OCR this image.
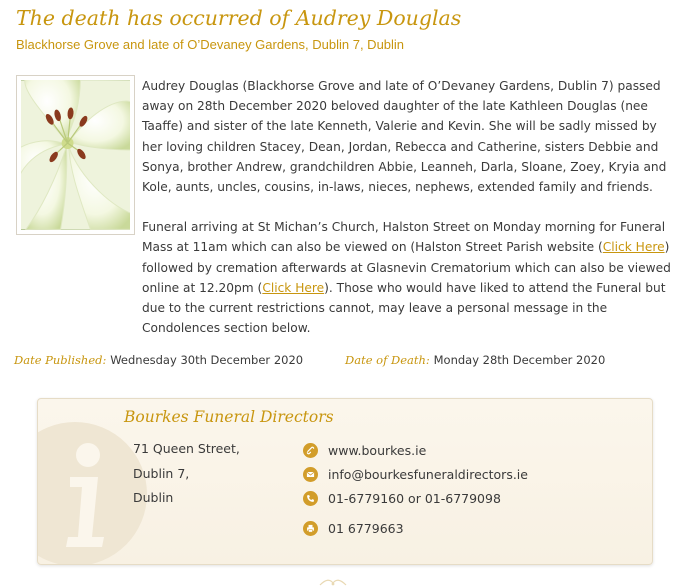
The death has occurred of Audrey Douglas
Blackhorse Grove and late of O’Devaney Gardens, Dublin 7, Dublin

Audrey Douglas (Blackhorse Grove and late of O’Devaney Gardens, Dublin 7) passed away on 28th December 2020 beloved daughter of the late Kathleen Douglas (nee Taaffe) and sister of the late Kenneth, Valerie and Kevin. She will be sadly missed by her loving children Stacey, Dean, Jordan, Rebecca and Catherine, sisters Debbie and Sonya, brother Andrew, grandchildren Abbie, Leanneh, Darla, Sloane, Zoey, Kryia and Kole, aunts, uncles, cousins, in-laws, nieces, nephews, extended family and friends.

Funeral arriving at St Michan’s Church, Halston Street on Monday morning for Funeral Mass at 11am which can also be viewed on (Halston Street Parish website (Click Here) followed by cremation afterwards at Glasnevin Crematorium which can also be viewed online at 12.20pm (Click Here). Those who would have liked to attend the Funeral but due to the current restrictions cannot, may leave a personal message in the Condolences section below.

Date Published: Wednesday 30th December 2020	Date of Death: Monday 28th December 2020
Bourkes Funeral Directors
71 Queen Street,
Dublin 7,
Dublin
www.bourkes.ie
info@bourkesfuneraldirectors.ie
01-6779160 or 01-6779098
01 6779663
